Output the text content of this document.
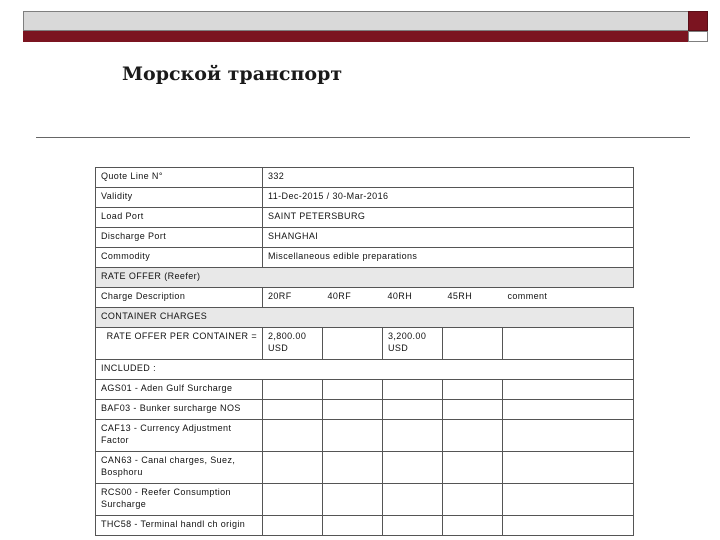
Морской транспорт
Quote Line N°	332				
Validity	11-Dec-2015 / 30-Mar-2016				
Load Port	SAINT PETERSBURG				
Discharge Port	SHANGHAI				
Commodity	Miscellaneous edible preparations				
RATE OFFER (Reefer)					
Charge Description	20RF	40RF	40RH	45RH	comment
CONTAINER CHARGES					
RATE OFFER PER CONTAINER =	2,800.00 USD		3,200.00 USD		
INCLUDED :					
AGS01 - Aden Gulf Surcharge					
BAF03 - Bunker surcharge NOS					
CAF13 - Currency Adjustment Factor					
CAN63 - Canal charges, Suez, Bosphoru					
RCS00 - Reefer Consumption Surcharge					
THC58 - Terminal handl ch origin					
